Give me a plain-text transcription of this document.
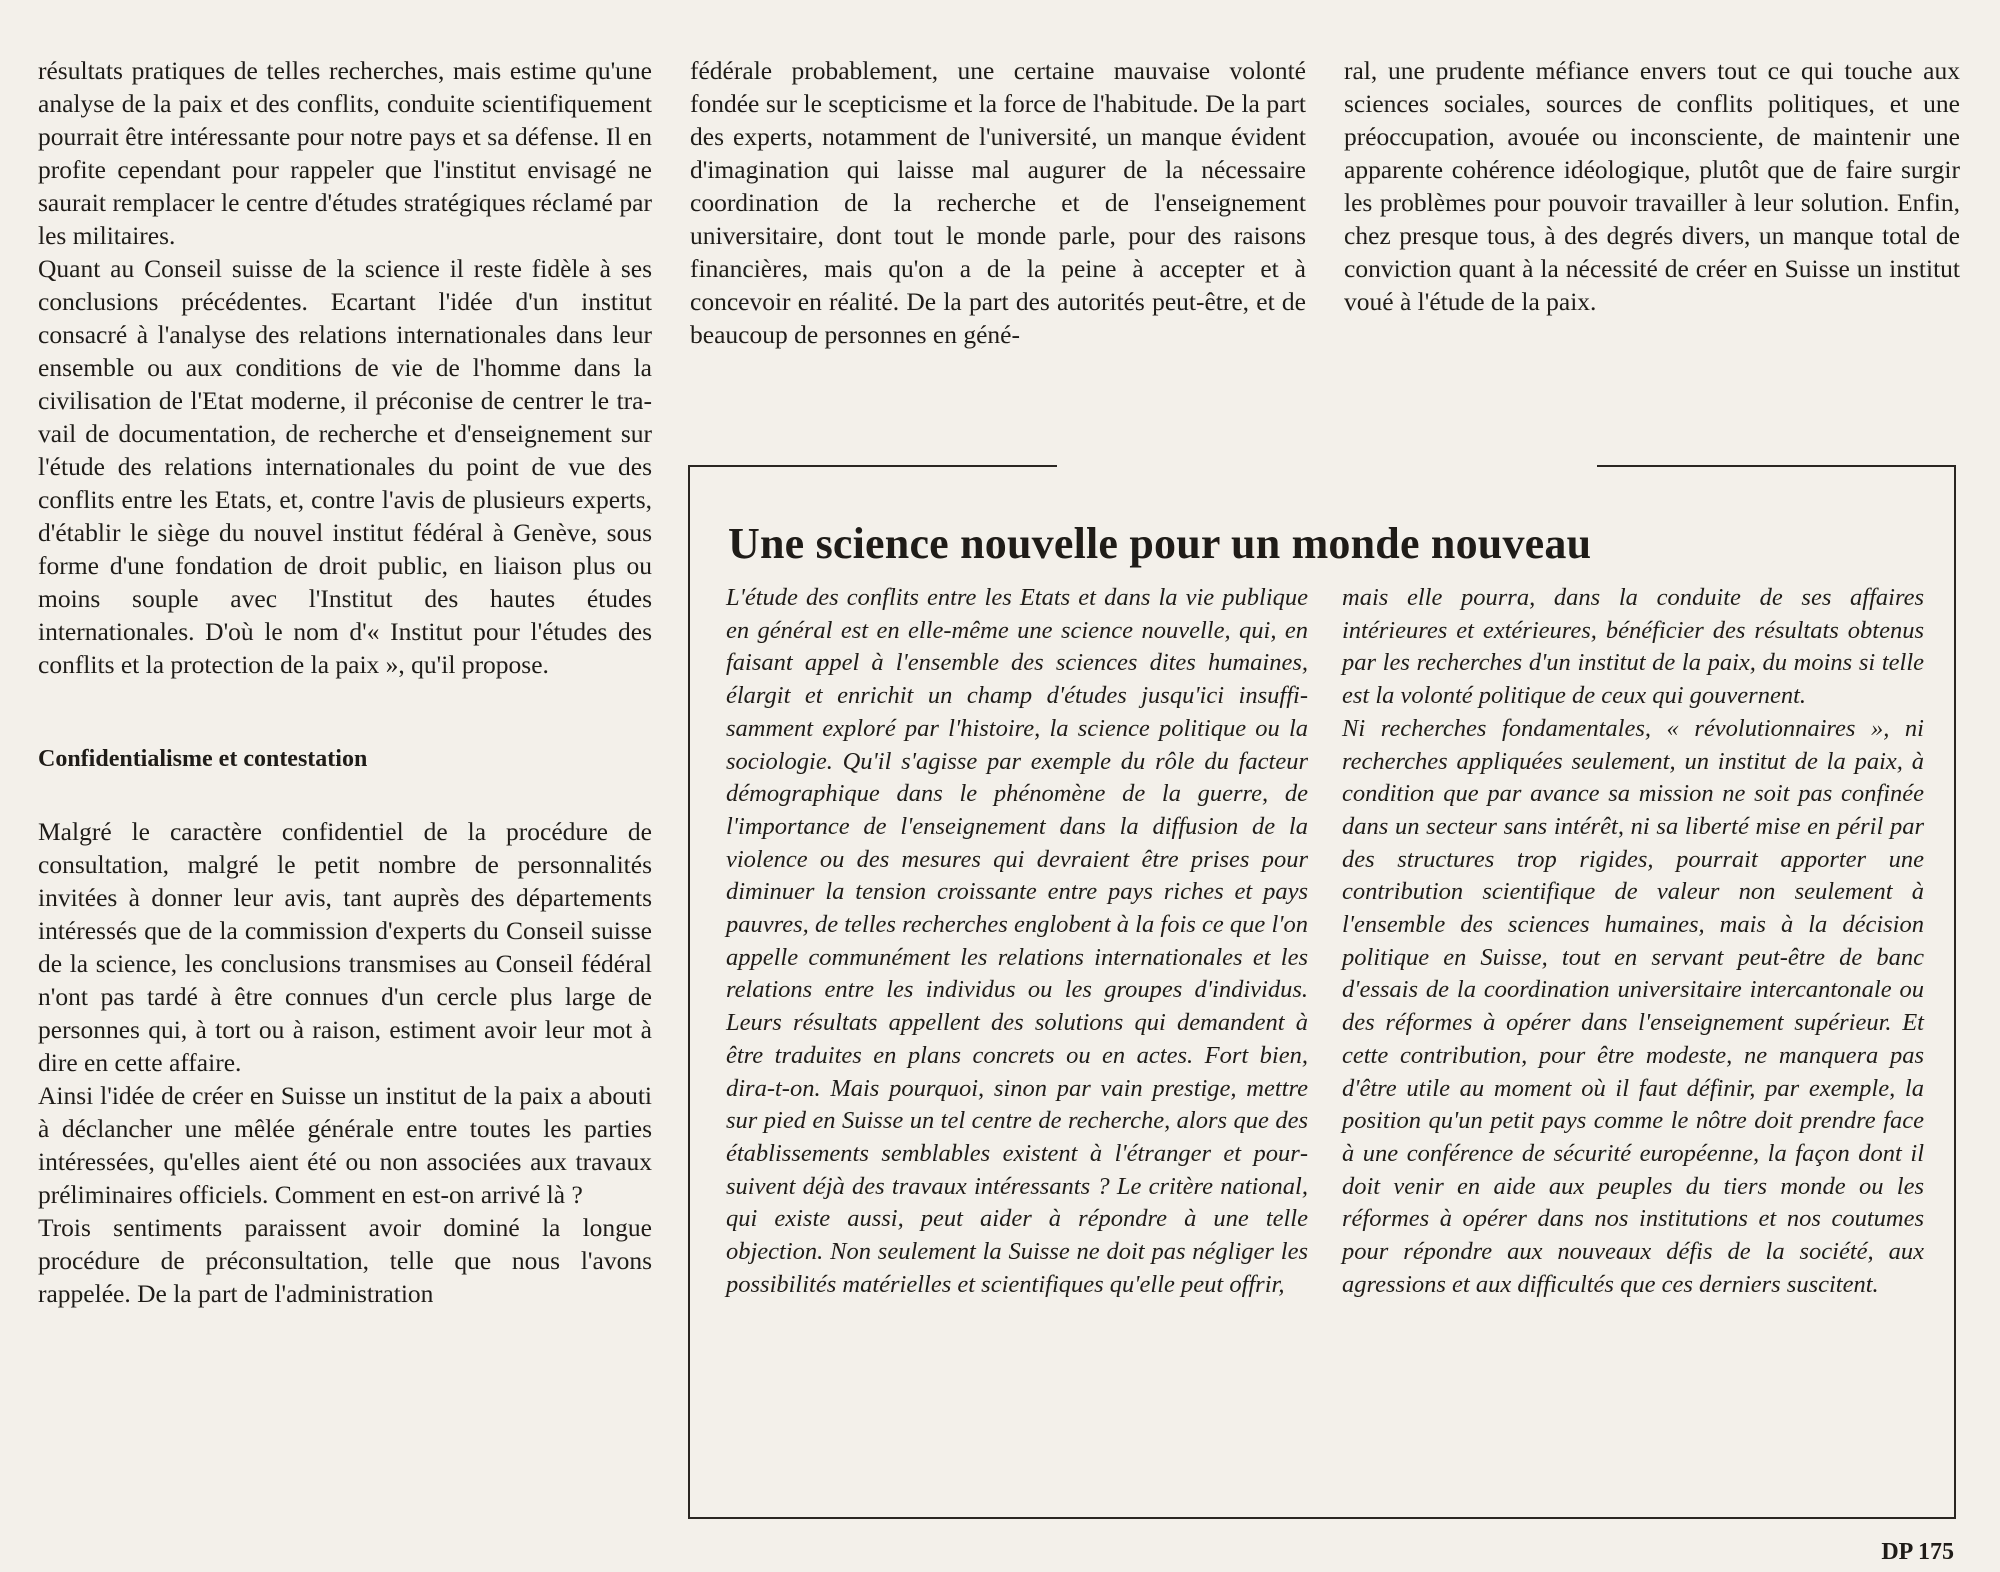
résultats pratiques de telles recherches, mais estime qu'une analyse de la paix et des conflits, conduite scientifiquement pourrait être intéressante pour notre pays et sa défense. Il en profite cependant pour rappeler que l'institut envisagé ne saurait remplacer le centre d'études stratégiques réclamé par les militaires.

Quant au Conseil suisse de la science il reste fidèle à ses conclusions précédentes. Ecartant l'idée d'un institut consacré à l'analyse des relations internationales dans leur ensemble ou aux conditions de vie de l'homme dans la civilisation de l'Etat moderne, il préconise de centrer le travail de documentation, de recherche et d'enseignement sur l'étude des relations internationales du point de vue des conflits entre les Etats, et, contre l'avis de plusieurs experts, d'établir le siège du nouvel institut fédéral à Genève, sous forme d'une fondation de droit public, en liaison plus ou moins souple avec l'Institut des hautes études internationales. D'où le nom d'« Institut pour l'études des conflits et la protection de la paix », qu'il propose.

Confidentialisme et contestation

Malgré le caractère confidentiel de la procédure de consultation, malgré le petit nombre de personnalités invitées à donner leur avis, tant auprès des départements intéressés que de la commission d'experts du Conseil suisse de la science, les conclusions transmises au Conseil fédéral n'ont pas tardé à être connues d'un cercle plus large de personnes qui, à tort ou à raison, estiment avoir leur mot à dire en cette affaire.

Ainsi l'idée de créer en Suisse un institut de la paix a abouti à déclancher une mêlée générale entre toutes les parties intéressées, qu'elles aient été ou non associées aux travaux préliminaires officiels. Comment en est-on arrivé là ?

Trois sentiments paraissent avoir dominé la longue procédure de préconsultation, telle que nous l'avons rappelée. De la part de l'administration

fédérale probablement, une certaine mauvaise volonté fondée sur le scepticisme et la force de l'habitude. De la part des experts, notamment de l'université, un manque évident d'imagination qui laisse mal augurer de la nécessaire coordination de la recherche et de l'enseignement universitaire, dont tout le monde parle, pour des raisons financières, mais qu'on a de la peine à accepter et à concevoir en réalité. De la part des autorités peut-être, et de beaucoup de personnes en géné-

ral, une prudente méfiance envers tout ce qui touche aux sciences sociales, sources de conflits politiques, et une préoccupation, avouée ou inconsciente, de maintenir une apparente cohérence idéologique, plutôt que de faire surgir les problèmes pour pouvoir travailler à leur solution. Enfin, chez presque tous, à des degrés divers, un manque total de conviction quant à la nécessité de créer en Suisse un institut voué à l'étude de la paix.

Une science nouvelle pour un monde nouveau

L'étude des conflits entre les Etats et dans la vie publique en général est en elle-même une science nouvelle, qui, en faisant appel à l'ensemble des sciences dites humaines, élargit et enrichit un champ d'études jusqu'ici insuffisamment exploré par l'histoire, la science politique ou la sociologie. Qu'il s'agisse par exemple du rôle du facteur démographique dans le phénomène de la guerre, de l'importance de l'enseignement dans la diffusion de la violence ou des mesures qui devraient être prises pour diminuer la tension croissante entre pays riches et pays pauvres, de telles recherches englobent à la fois ce que l'on appelle communément les relations internationales et les relations entre les individus ou les groupes d'individus. Leurs résultats appellent des solutions qui demandent à être traduites en plans concrets ou en actes. Fort bien, dira-t-on. Mais pourquoi, sinon par vain prestige, mettre sur pied en Suisse un tel centre de recherche, alors que des établissements semblables existent à l'étranger et poursuivent déjà des travaux intéressants ? Le critère national, qui existe aussi, peut aider à répondre à une telle objection. Non seulement la Suisse ne doit pas négliger les possibilités matérielles et scientifiques qu'elle peut offrir,

mais elle pourra, dans la conduite de ses affaires intérieures et extérieures, bénéficier des résultats obtenus par les recherches d'un institut de la paix, du moins si telle est la volonté politique de ceux qui gouvernent.

Ni recherches fondamentales, « révolutionnaires », ni recherches appliquées seulement, un institut de la paix, à condition que par avance sa mission ne soit pas confinée dans un secteur sans intérêt, ni sa liberté mise en péril par des structures trop rigides, pourrait apporter une contribution scientifique de valeur non seulement à l'ensemble des sciences humaines, mais à la décision politique en Suisse, tout en servant peut-être de banc d'essais de la coordination universitaire intercantonale ou des réformes à opérer dans l'enseignement supérieur. Et cette contribution, pour être modeste, ne manquera pas d'être utile au moment où il faut définir, par exemple, la position qu'un petit pays comme le nôtre doit prendre face à une conférence de sécurité européenne, la façon dont il doit venir en aide aux peuples du tiers monde ou les réformes à opérer dans nos institutions et nos coutumes pour répondre aux nouveaux défis de la société, aux agressions et aux difficultés que ces derniers suscitent.

DP 175
